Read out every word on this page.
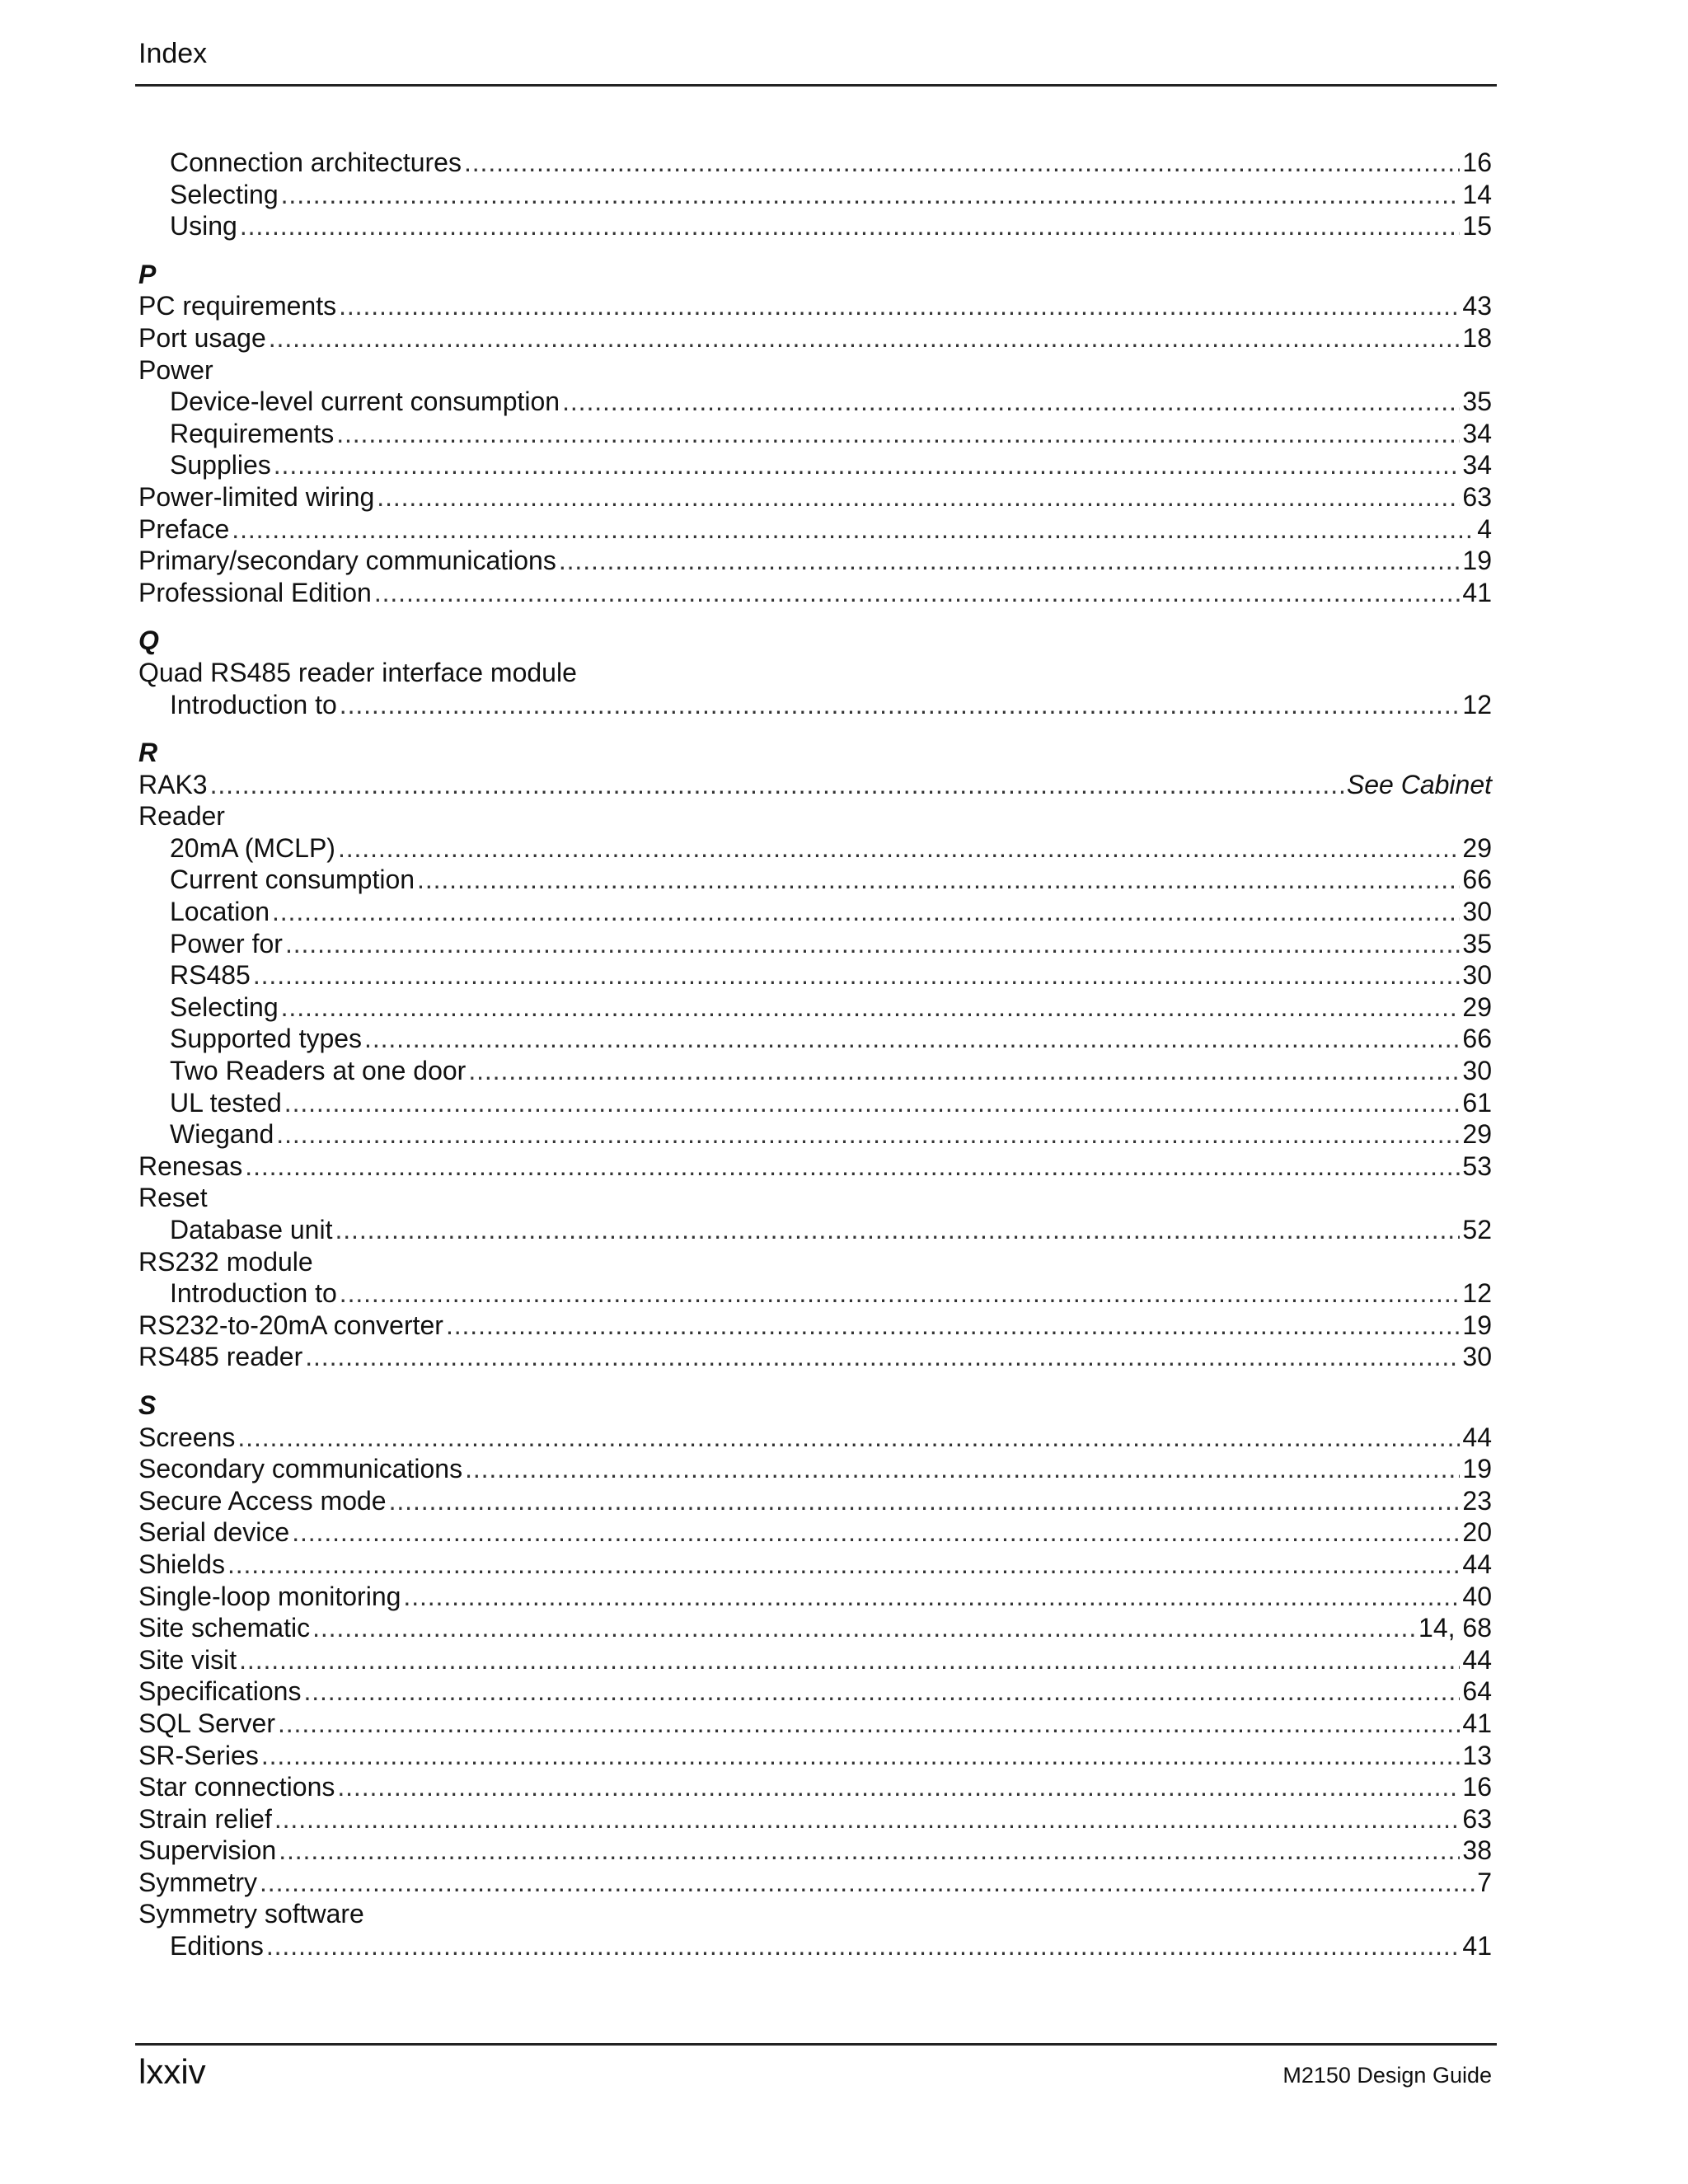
Index
Connection architectures . . .	16
Selecting . . .	14
Using . . .	15
P
PC requirements . . .	43
Port usage . . .	18
Power
Device-level current consumption . . .	35
Requirements . . .	34
Supplies . . .	34
Power-limited wiring . . .	63
Preface . . .	4
Primary/secondary communications . . .	19
Professional Edition . . .	41
Q
Quad RS485 reader interface module
Introduction to . . .	12
R
RAK3 . . .	See Cabinet
Reader
20mA (MCLP) . . .	29
Current consumption . . .	66
Location . . .	30
Power for . . .	35
RS485 . . .	30
Selecting . . .	29
Supported types . . .	66
Two Readers at one door . . .	30
UL tested . . .	61
Wiegand . . .	29
Renesas . . .	53
Reset
Database unit . . .	52
RS232 module
Introduction to . . .	12
RS232-to-20mA converter . . .	19
RS485 reader . . .	30
S
Screens . . .	44
Secondary communications . . .	19
Secure Access mode . . .	23
Serial device . . .	20
Shields . . .	44
Single-loop monitoring . . .	40
Site schematic . . .	14, 68
Site visit . . .	44
Specifications . . .	64
SQL Server . . .	41
SR-Series . . .	13
Star connections . . .	16
Strain relief . . .	63
Supervision . . .	38
Symmetry . . .	7
Symmetry software
Editions . . .	41
lxxiv	M2150 Design Guide
